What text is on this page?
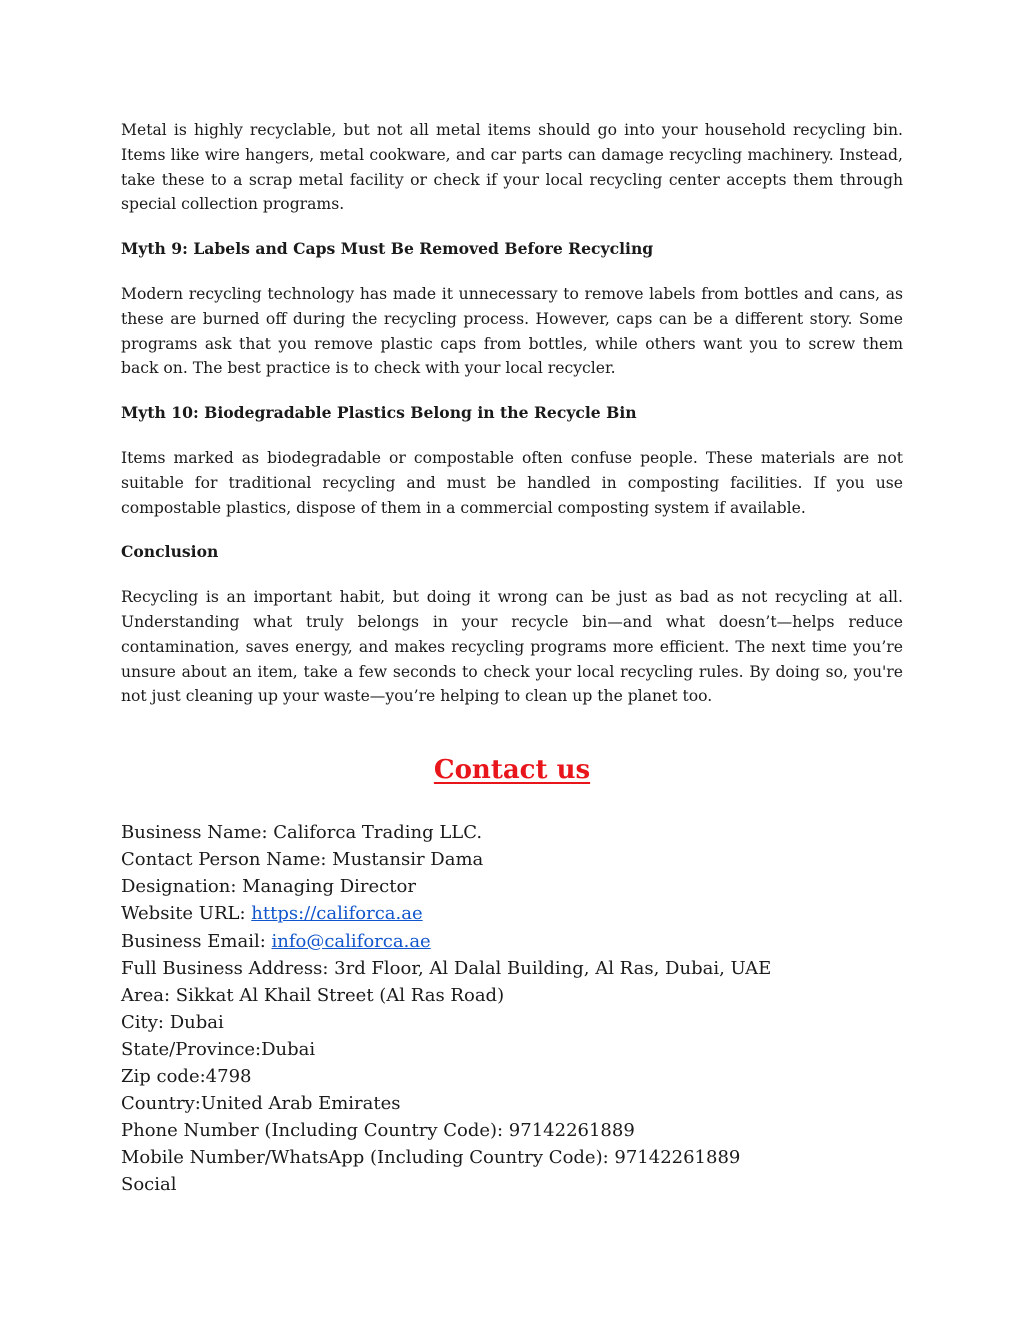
Metal is highly recyclable, but not all metal items should go into your household recycling bin. Items like wire hangers, metal cookware, and car parts can damage recycling machinery. Instead, take these to a scrap metal facility or check if your local recycling center accepts them through special collection programs.

Myth 9: Labels and Caps Must Be Removed Before Recycling

Modern recycling technology has made it unnecessary to remove labels from bottles and cans, as these are burned off during the recycling process. However, caps can be a different story. Some programs ask that you remove plastic caps from bottles, while others want you to screw them back on. The best practice is to check with your local recycler.

Myth 10: Biodegradable Plastics Belong in the Recycle Bin

Items marked as biodegradable or compostable often confuse people. These materials are not suitable for traditional recycling and must be handled in composting facilities. If you use compostable plastics, dispose of them in a commercial composting system if available.

Conclusion

Recycling is an important habit, but doing it wrong can be just as bad as not recycling at all. Understanding what truly belongs in your recycle bin—and what doesn’t—helps reduce contamination, saves energy, and makes recycling programs more efficient. The next time you’re unsure about an item, take a few seconds to check your local recycling rules. By doing so, you're not just cleaning up your waste—you’re helping to clean up the planet too.

Contact us
Business Name: Califorca Trading LLC.
Contact Person Name: Mustansir Dama
Designation: Managing Director
Website URL: https://califorca.ae
Business Email: info@califorca.ae
Full Business Address: 3rd Floor, Al Dalal Building, Al Ras, Dubai, UAE
Area: Sikkat Al Khail Street (Al Ras Road)
City: Dubai
State/Province:Dubai
Zip code:4798
Country:United Arab Emirates
Phone Number (Including Country Code): 97142261889
Mobile Number/WhatsApp (Including Country Code): 97142261889
Social
